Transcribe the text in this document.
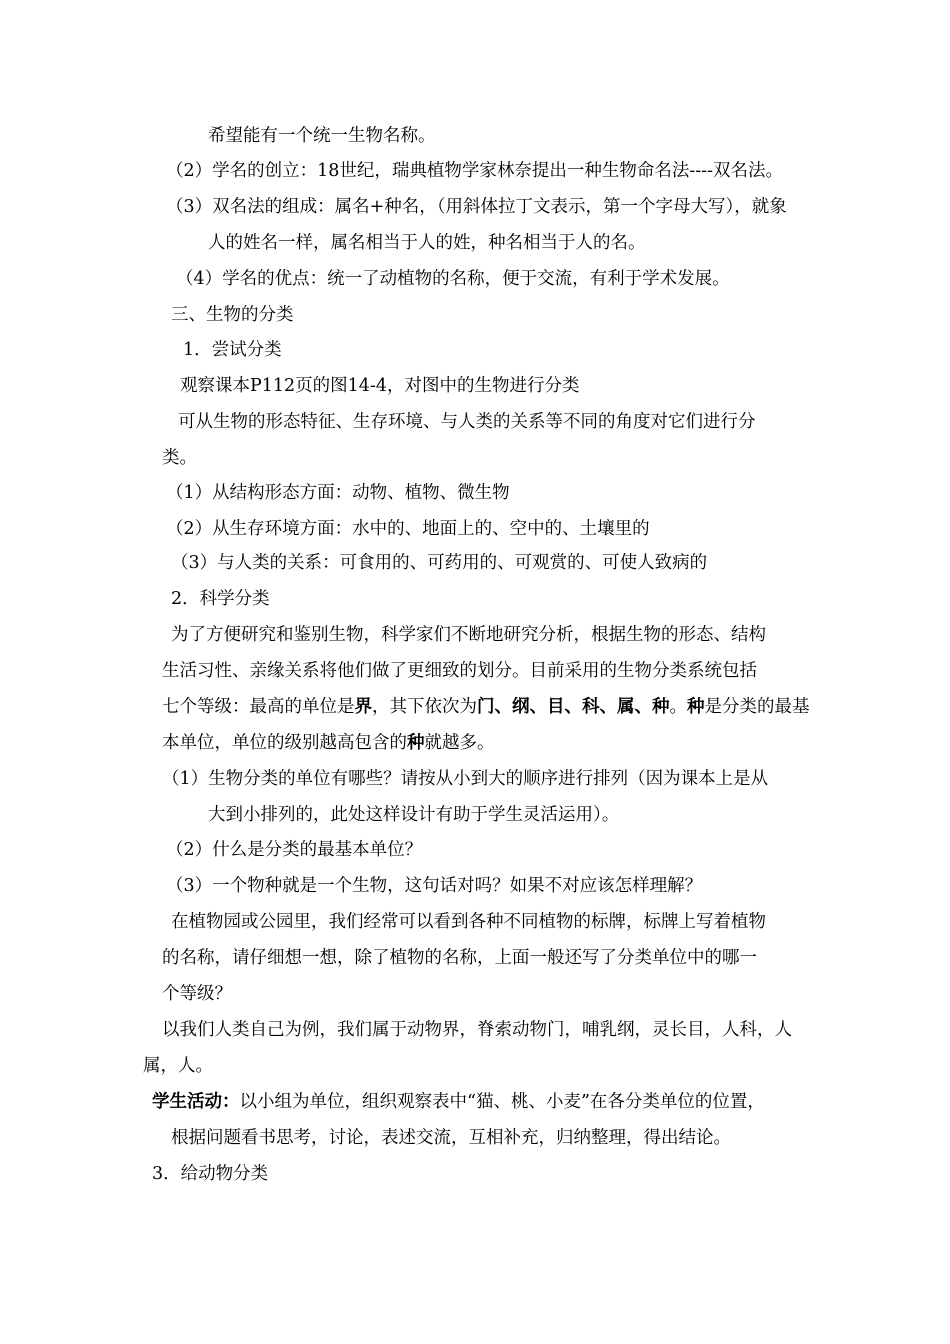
希望能有一个统一生物名称。
（2）学名的创立：18世纪，瑞典植物学家林奈提出一种生物命名法----双名法。
（3）双名法的组成：属名+种名，（用斜体拉丁文表示，第一个字母大写），就象
人的姓名一样，属名相当于人的姓，种名相当于人的名。
（4）学名的优点：统一了动植物的名称，便于交流，有利于学术发展。
三、生物的分类
1．尝试分类
观察课本P112页的图14-4，对图中的生物进行分类
可从生物的形态特征、生存环境、与人类的关系等不同的角度对它们进行分
类。
（1）从结构形态方面：动物、植物、微生物
（2）从生存环境方面：水中的、地面上的、空中的、土壤里的
（3）与人类的关系：可食用的、可药用的、可观赏的、可使人致病的
2．科学分类
为了方便研究和鉴别生物，科学家们不断地研究分析，根据生物的形态、结构
生活习性、亲缘关系将他们做了更细致的划分。目前采用的生物分类系统包括
七个等级：最高的单位是界，其下依次为门、纲、目、科、属、种。种是分类的最基
本单位，单位的级别越高包含的种就越多。
（1）生物分类的单位有哪些？请按从小到大的顺序进行排列（因为课本上是从
大到小排列的，此处这样设计有助于学生灵活运用）。
（2）什么是分类的最基本单位？
（3）一个物种就是一个生物，这句话对吗？如果不对应该怎样理解？
在植物园或公园里，我们经常可以看到各种不同植物的标牌，标牌上写着植物
的名称，请仔细想一想，除了植物的名称，上面一般还写了分类单位中的哪一
个等级？
以我们人类自己为例，我们属于动物界，脊索动物门，哺乳纲，灵长目，人科，人
属，人。
学生活动：以小组为单位，组织观察表中“猫、桃、小麦”在各分类单位的位置，
根据问题看书思考，讨论，表述交流，互相补充，归纳整理，得出结论。
3．给动物分类
